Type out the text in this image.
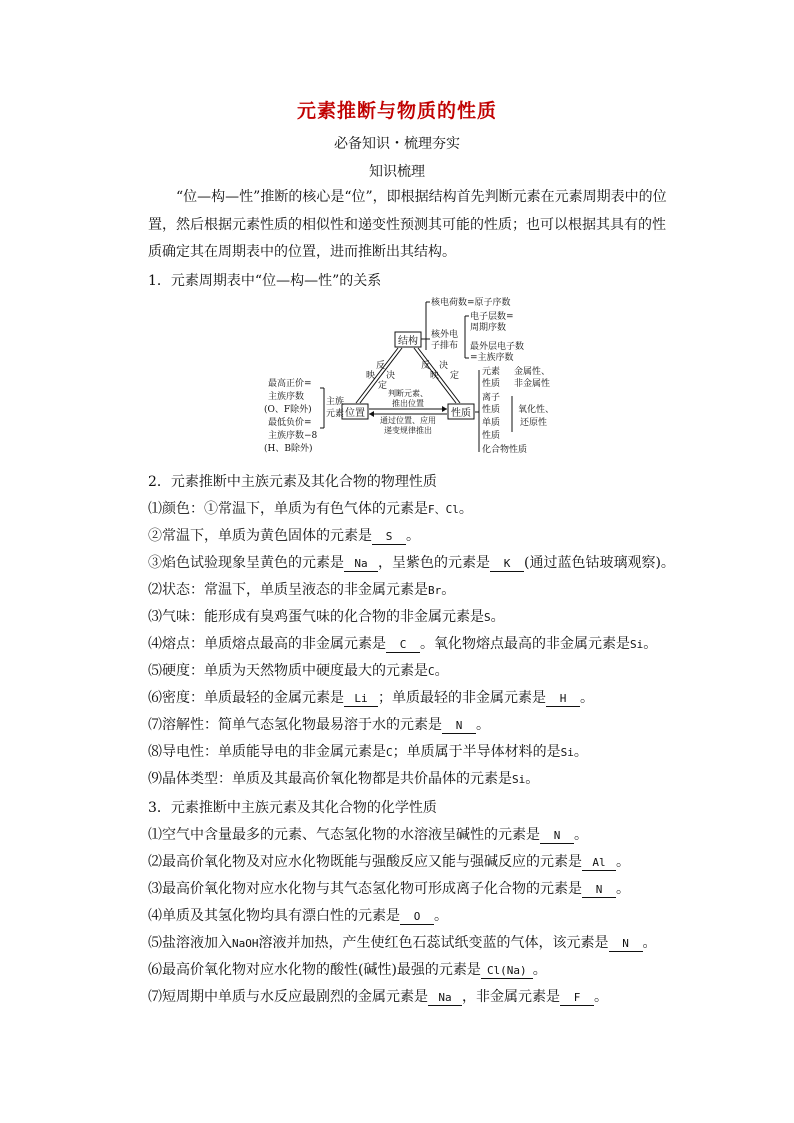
元素推断与物质的性质
必备知识・梳理夯实
知识梳理
“位—构—性”推断的核心是“位”，即根据结构首先判断元素在元素周期表中的位置，然后根据元素性质的相似性和递变性预测其可能的性质；也可以根据其具有的性质确定其在周期表中的位置，进而推断出其结构。
1．元素周期表中“位—构—性”的关系
结构
位置	性质
反
决
映
定
反 决
映 定
判断元素、
推出位置
通过位置、应用
递变规律推出
核电荷数=原子序数
核外电
子排布
电子层数=
周期序数
最外层电子数
=主族序数
主族
元素
最高正价=
主族序数
(O、F除外)
最低负价=
主族序数−8
(H、B除外)
元素
性质
金属性、
非金属性
离子
性质
单质
性质
氧化性、
还原性
化合物性质
2．元素推断中主族元素及其化合物的物理性质
⑴颜色：①常温下，单质为有色气体的元素是F、Cl。
②常温下，单质为黄色固体的元素是 S 。
③焰色试验现象呈黄色的元素是 Na ，呈紫色的元素是 K (通过蓝色钴玻璃观察)。
⑵状态：常温下，单质呈液态的非金属元素是Br。
⑶气味：能形成有臭鸡蛋气味的化合物的非金属元素是S。
⑷熔点：单质熔点最高的非金属元素是 C 。氧化物熔点最高的非金属元素是Si。
⑸硬度：单质为天然物质中硬度最大的元素是C。
⑹密度：单质最轻的金属元素是 Li ；单质最轻的非金属元素是 H 。
⑺溶解性：简单气态氢化物最易溶于水的元素是 N 。
⑻导电性：单质能导电的非金属元素是C；单质属于半导体材料的是Si。
⑼晶体类型：单质及其最高价氧化物都是共价晶体的元素是Si。
3．元素推断中主族元素及其化合物的化学性质
⑴空气中含量最多的元素、气态氢化物的水溶液呈碱性的元素是 N 。
⑵最高价氧化物及对应水化物既能与强酸反应又能与强碱反应的元素是 Al 。
⑶最高价氧化物对应水化物与其气态氢化物可形成离子化合物的元素是 N 。
⑷单质及其氢化物均具有漂白性的元素是 O 。
⑸盐溶液加入NaOH溶液并加热，产生使红色石蕊试纸变蓝的气体，该元素是 N 。
⑹最高价氧化物对应水化物的酸性(碱性)最强的元素是 Cl(Na) 。
⑺短周期中单质与水反应最剧烈的金属元素是 Na ，非金属元素是 F 。
